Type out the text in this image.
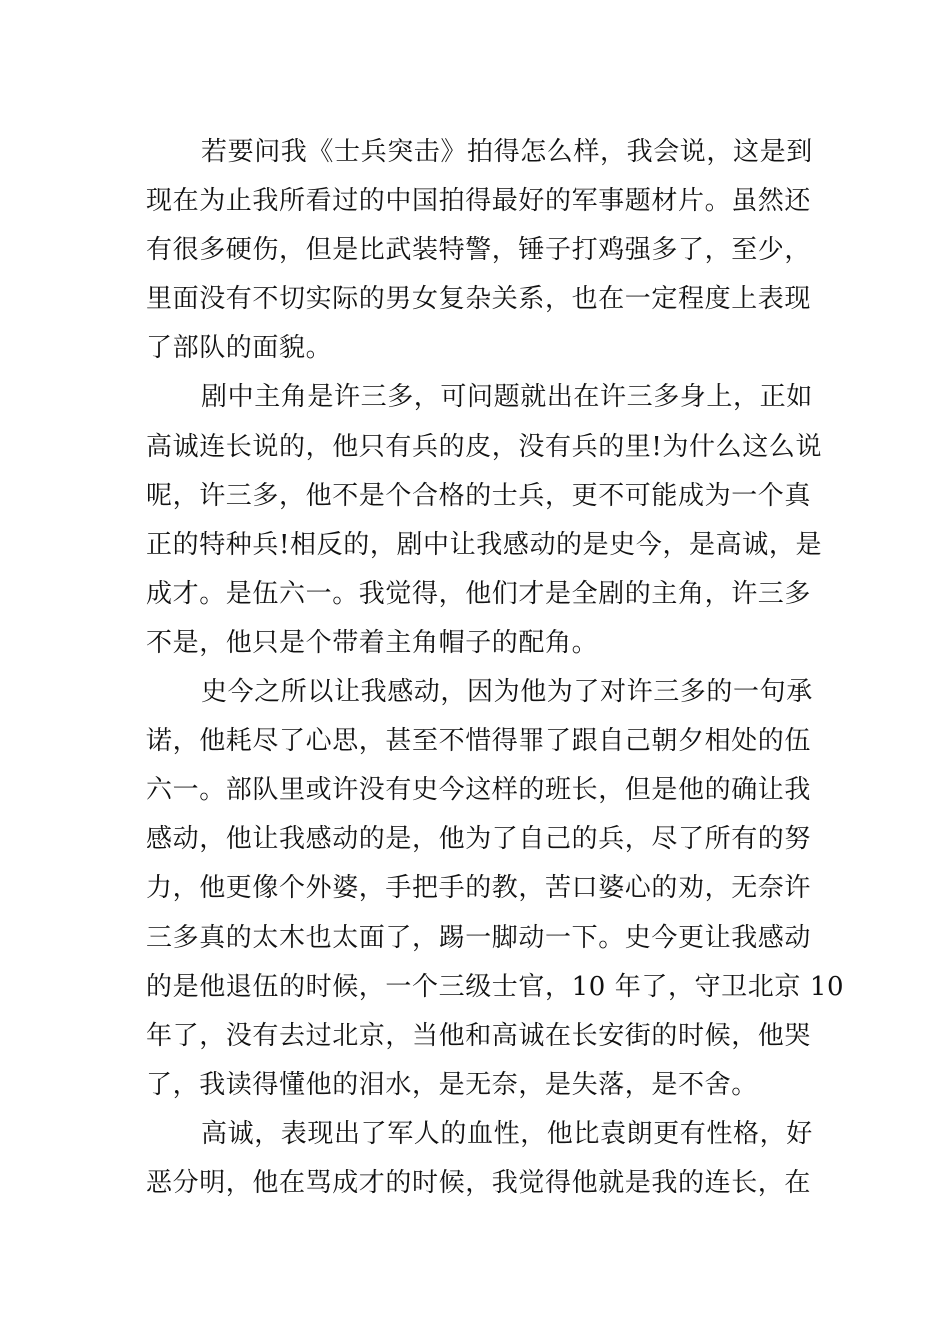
若要问我《士兵突击》拍得怎么样，我会说，这是到
现在为止我所看过的中国拍得最好的军事题材片。虽然还
有很多硬伤，但是比武装特警，锤子打鸡强多了，至少，
里面没有不切实际的男女复杂关系，也在一定程度上表现
了部队的面貌。
剧中主角是许三多，可问题就出在许三多身上，正如
高诚连长说的，他只有兵的皮，没有兵的里!为什么这么说
呢，许三多，他不是个合格的士兵，更不可能成为一个真
正的特种兵!相反的，剧中让我感动的是史今，是高诚，是
成才。是伍六一。我觉得，他们才是全剧的主角，许三多
不是，他只是个带着主角帽子的配角。
史今之所以让我感动，因为他为了对许三多的一句承
诺，他耗尽了心思，甚至不惜得罪了跟自己朝夕相处的伍
六一。部队里或许没有史今这样的班长，但是他的确让我
感动，他让我感动的是，他为了自己的兵，尽了所有的努
力，他更像个外婆，手把手的教，苦口婆心的劝，无奈许
三多真的太木也太面了，踢一脚动一下。史今更让我感动
的是他退伍的时候，一个三级士官，10 年了，守卫北京 10
年了，没有去过北京，当他和高诚在长安街的时候，他哭
了，我读得懂他的泪水，是无奈，是失落，是不舍。
高诚，表现出了军人的血性，他比袁朗更有性格，好
恶分明，他在骂成才的时候，我觉得他就是我的连长，在
